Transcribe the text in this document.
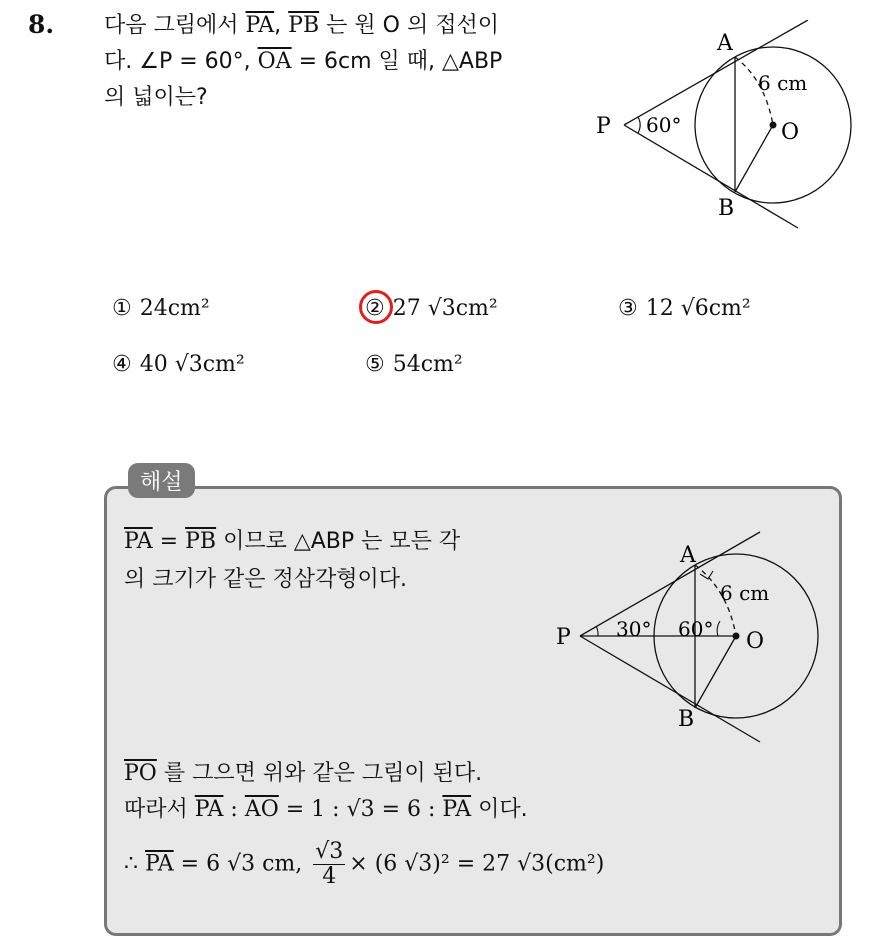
8. 다음 그림에서 $\overline{PA}$, $\overline{PB}$ 는 원 O 의 접선이
다. ∠P = 60°, $\overline{OA} = 6cm$ 일 때, △ABP
의 넓이는?
A
B
P	O
60°
6 cm
① 24cm²	② 27 √3cm²	③ 12 √6cm²
④ 40 √3cm²	⑤ 54cm²
해설
$\overline{PA} = \overline{PB}$ 이므로 △ABP 는 모든 각
의 크기가 같은 정삼각형이다.
A
B
P	O
30° 60°
6 cm
$\overline{PO}$ 를 그으면 위와 같은 그림이 된다.
따라서 $\overline{PA}$ : $\overline{AO} = 1$ : √3 = 6 : $\overline{PA}$ 이다.
∴ $\overline{PA} = 6$ √3 cm, $\frac{√3}{4} \times (6$ √3)² = 27 √3(cm²)
